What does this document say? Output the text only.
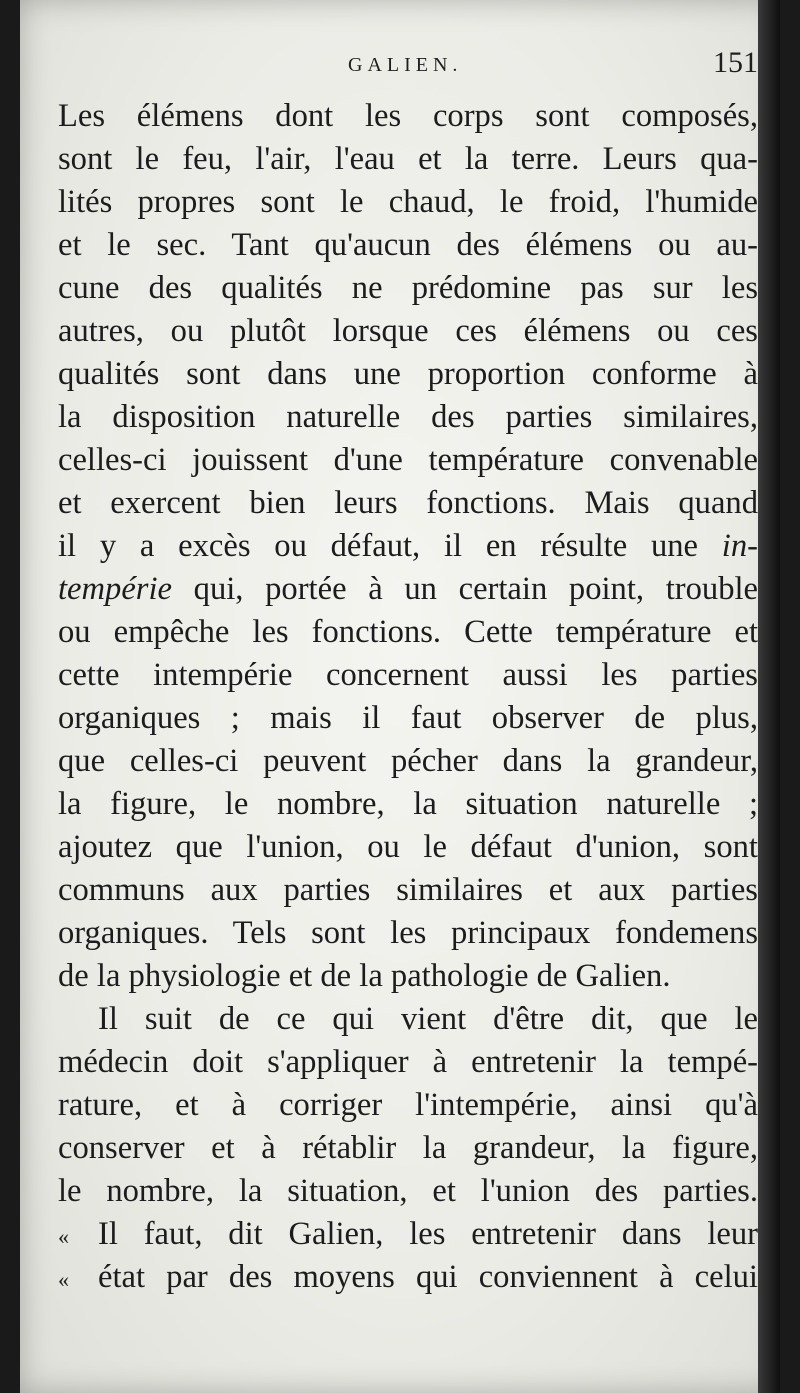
GALIEN.	151
Les élémens dont les corps sont composés,
sont le feu, l'air, l'eau et la terre. Leurs qua-
lités propres sont le chaud, le froid, l'humide
et le sec. Tant qu'aucun des élémens ou au-
cune des qualités ne prédomine pas sur les
autres, ou plutôt lorsque ces élémens ou ces
qualités sont dans une proportion conforme à
la disposition naturelle des parties similaires,
celles-ci jouissent d'une température convenable
et exercent bien leurs fonctions. Mais quand
il y a excès ou défaut, il en résulte une in-
tempérie qui, portée à un certain point, trouble
ou empêche les fonctions. Cette température et
cette intempérie concernent aussi les parties
organiques ; mais il faut observer de plus,
que celles-ci peuvent pécher dans la grandeur,
la figure, le nombre, la situation naturelle ;
ajoutez que l'union, ou le défaut d'union, sont
communs aux parties similaires et aux parties
organiques. Tels sont les principaux fondemens
de la physiologie et de la pathologie de Galien.
Il suit de ce qui vient d'être dit, que le
médecin doit s'appliquer à entretenir la tempé-
rature, et à corriger l'intempérie, ainsi qu'à
conserver et à rétablir la grandeur, la figure,
le nombre, la situation, et l'union des parties.
« Il faut, dit Galien, les entretenir dans leur
« état par des moyens qui conviennent à celui
